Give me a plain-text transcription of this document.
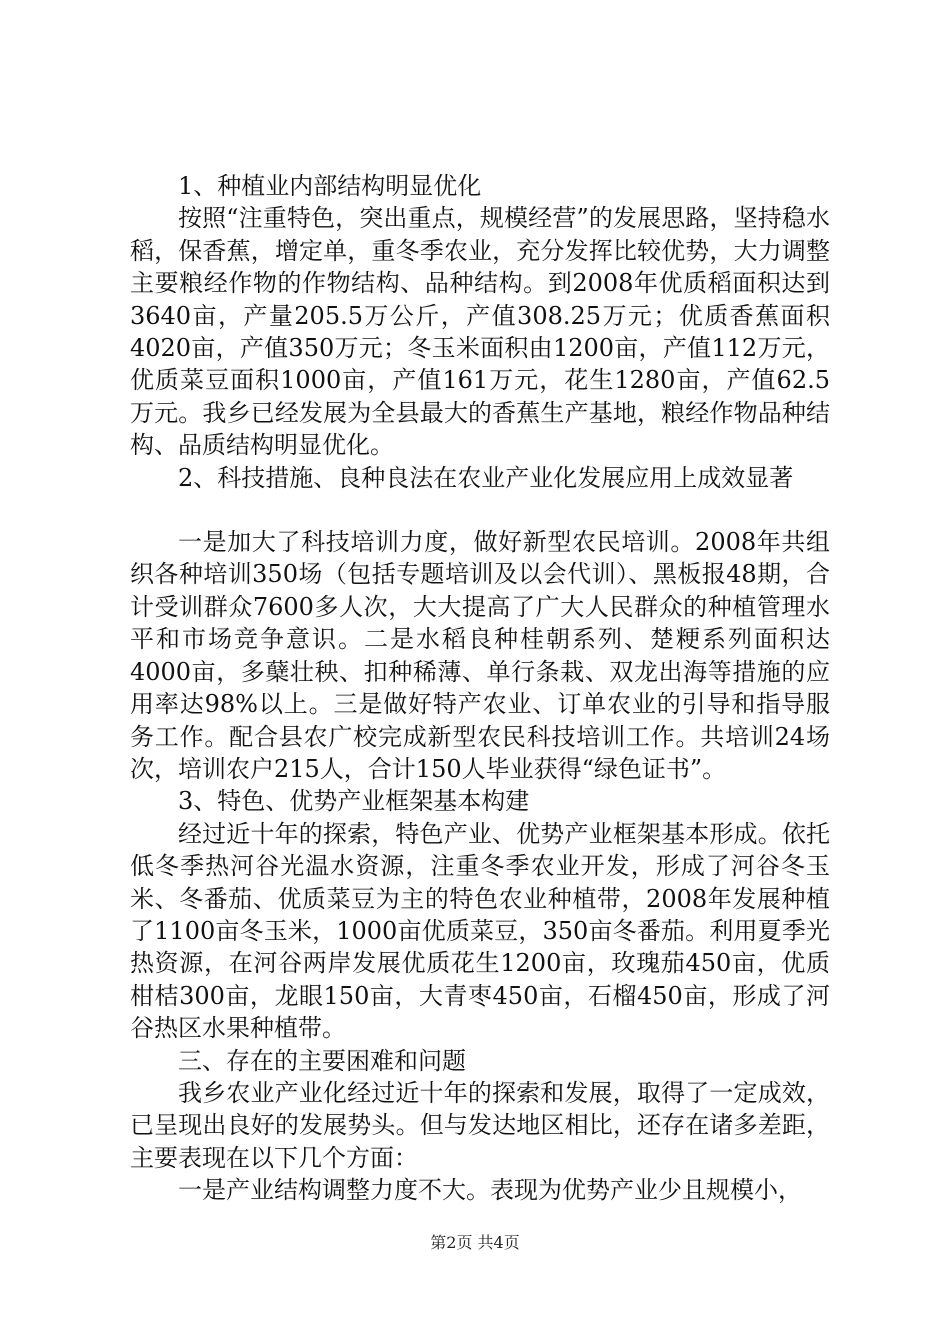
1、种植业内部结构明显优化

按照“注重特色，突出重点，规模经营”的发展思路，坚持稳水稻，保香蕉，增定单，重冬季农业，充分发挥比较优势，大力调整主要粮经作物的作物结构、品种结构。到2008年优质稻面积达到3640亩，产量205.5万公斤，产值308.25万元；优质香蕉面积4020亩，产值350万元；冬玉米面积由1200亩，产值112万元，优质菜豆面积1000亩，产值161万元，花生1280亩，产值62.5万元。我乡已经发展为全县最大的香蕉生产基地，粮经作物品种结构、品质结构明显优化。

2、科技措施、良种良法在农业产业化发展应用上成效显著

一是加大了科技培训力度，做好新型农民培训。2008年共组织各种培训350场（包括专题培训及以会代训）、黑板报48期，合计受训群众7600多人次，大大提高了广大人民群众的种植管理水平和市场竞争意识。二是水稻良种桂朝系列、楚粳系列面积达4000亩，多蘖壮秧、扣种稀薄、单行条栽、双龙出海等措施的应用率达98%以上。三是做好特产农业、订单农业的引导和指导服务工作。配合县农广校完成新型农民科技培训工作。共培训24场次，培训农户215人，合计150人毕业获得“绿色证书”。

3、特色、优势产业框架基本构建

经过近十年的探索，特色产业、优势产业框架基本形成。依托低冬季热河谷光温水资源，注重冬季农业开发，形成了河谷冬玉米、冬番茄、优质菜豆为主的特色农业种植带，2008年发展种植了1100亩冬玉米，1000亩优质菜豆，350亩冬番茄。利用夏季光热资源，在河谷两岸发展优质花生1200亩，玫瑰茄450亩，优质柑桔300亩，龙眼150亩，大青枣450亩，石榴450亩，形成了河谷热区水果种植带。

三、存在的主要困难和问题

我乡农业产业化经过近十年的探索和发展，取得了一定成效，已呈现出良好的发展势头。但与发达地区相比，还存在诸多差距，主要表现在以下几个方面：

一是产业结构调整力度不大。表现为优势产业少且规模小，

第2页 共4页
